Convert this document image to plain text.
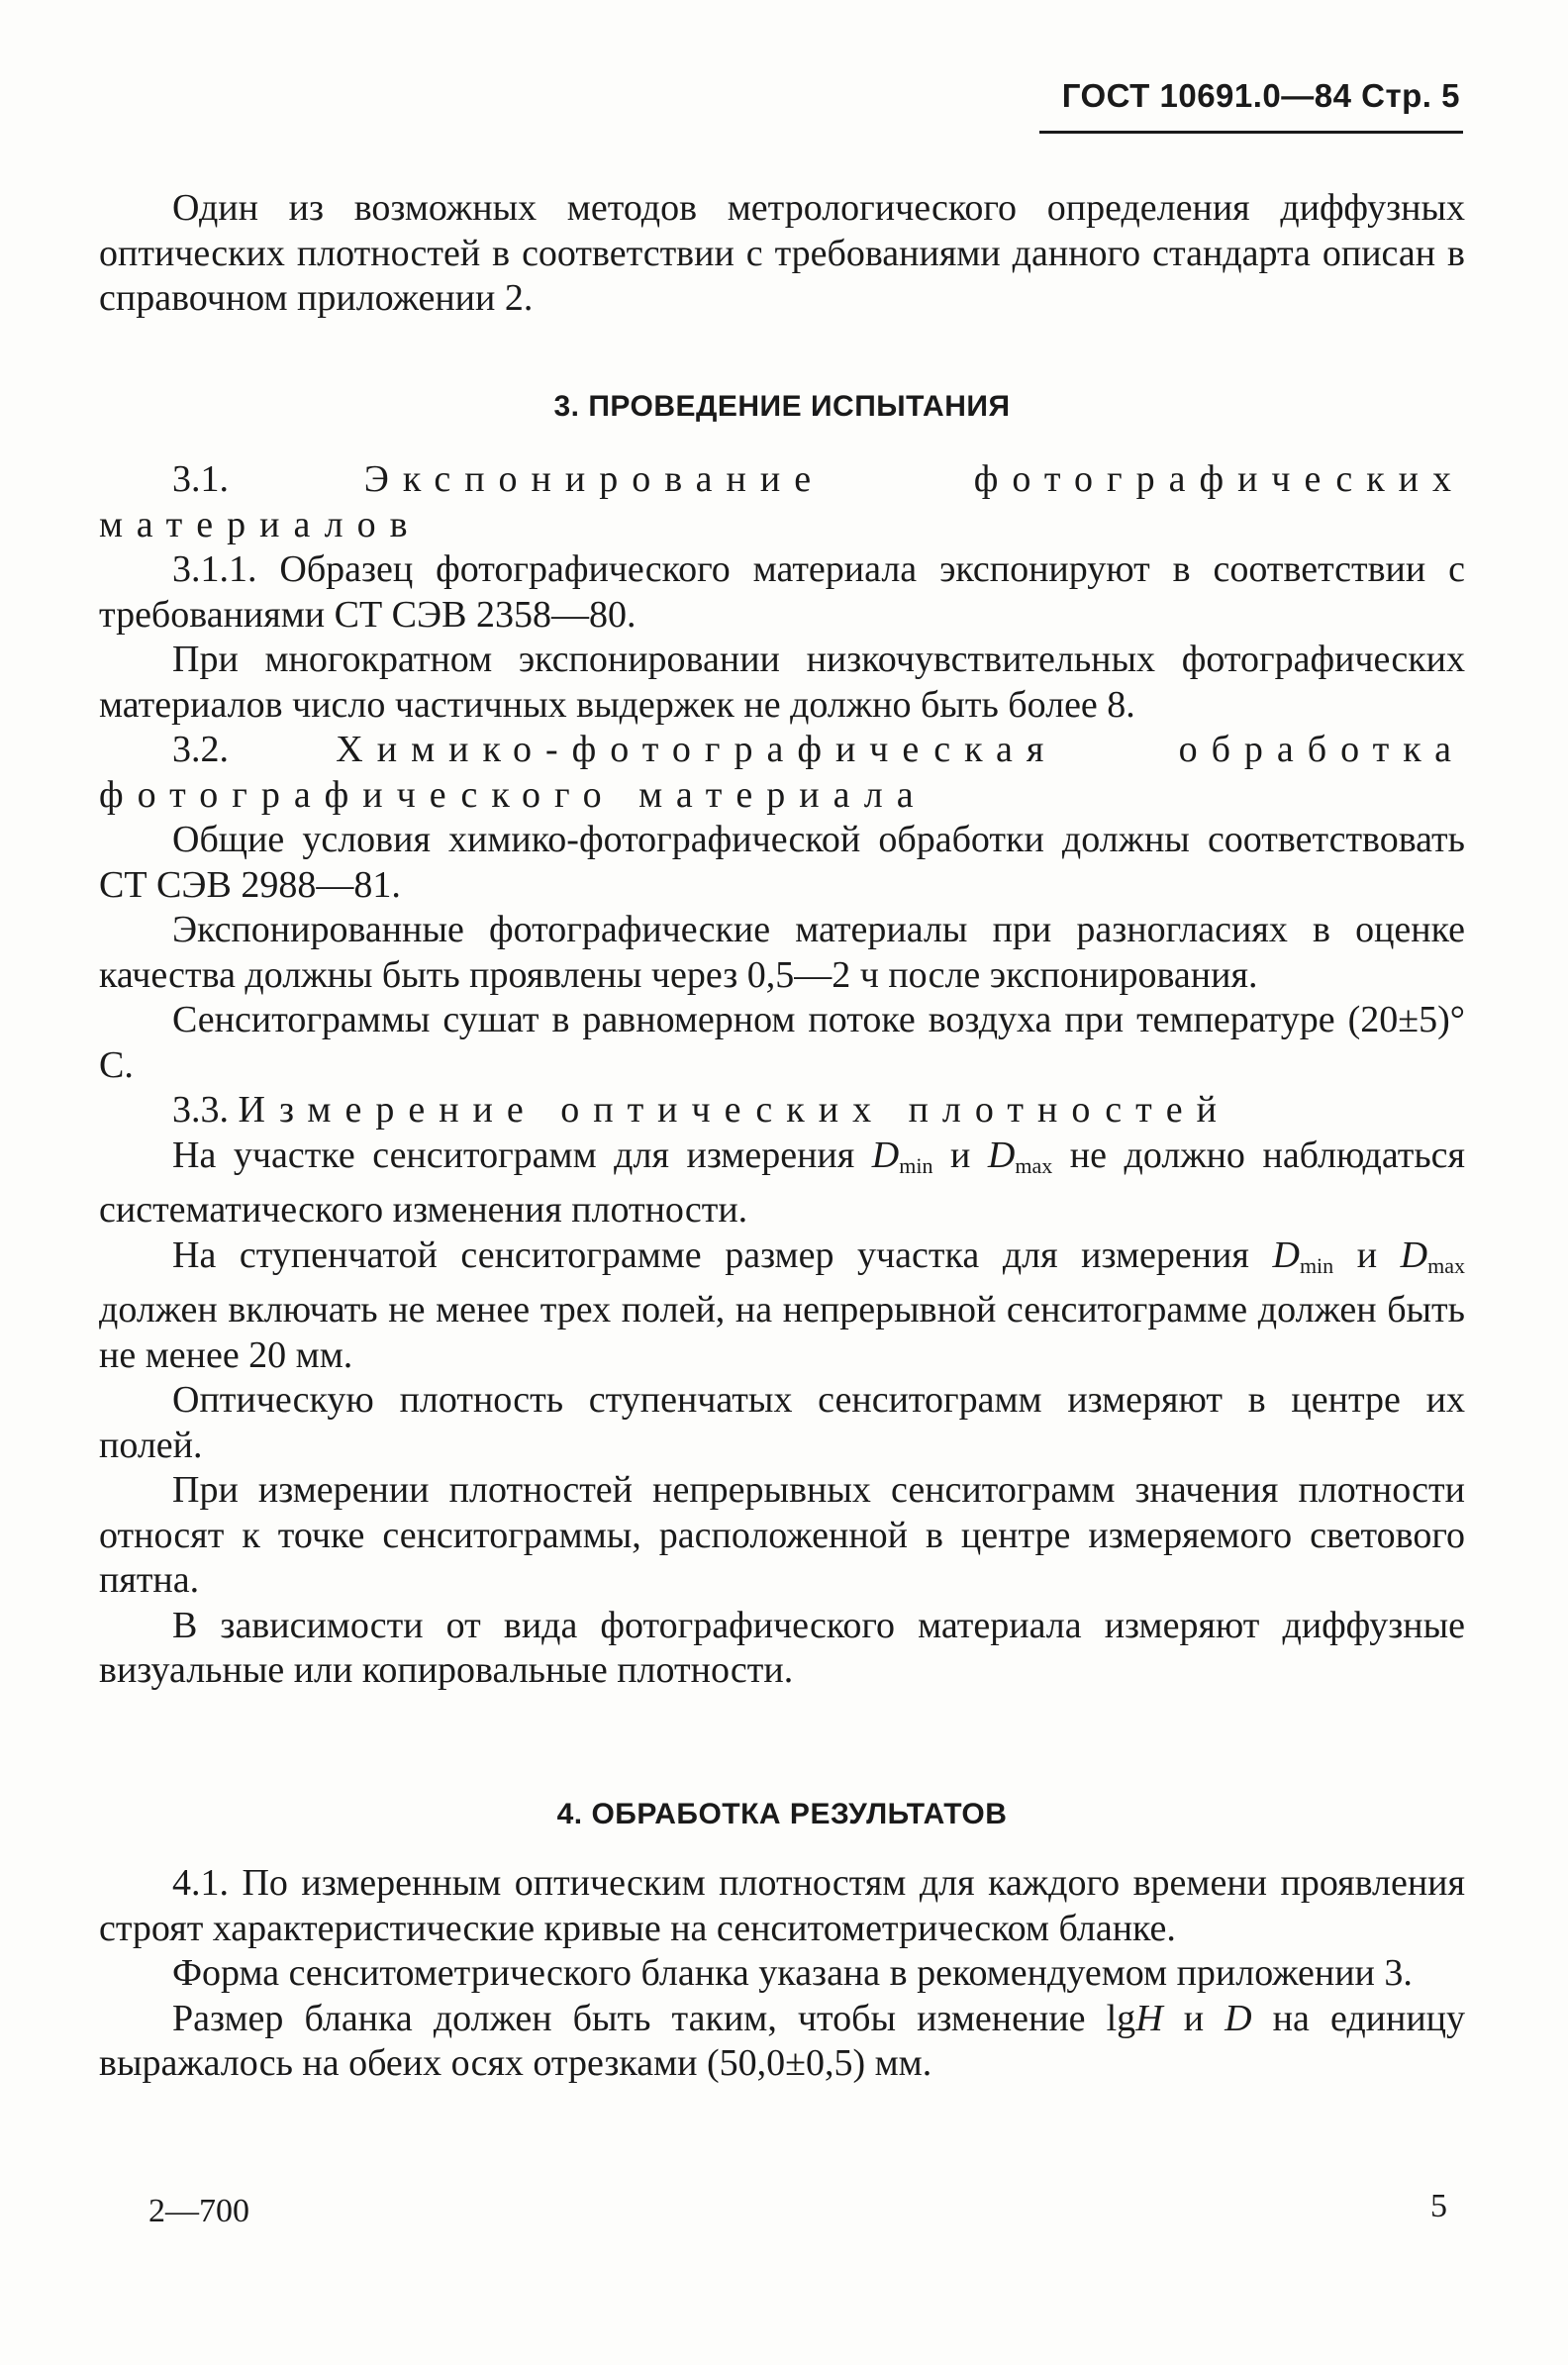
ГОСТ 10691.0—84 Стр. 5

Один из возможных методов метрологического определения диффузных оптических плотностей в соответствии с требованиями данного стандарта описан в справочном приложении 2.

3. ПРОВЕДЕНИЕ ИСПЫТАНИЯ

3.1.	Экспонирование фотографических материалов

3.1.1. Образец фотографического материала экспонируют в соответствии с требованиями СТ СЭВ 2358—80.

При многократном экспонировании низкочувствительных фотографических материалов число частичных выдержек не должно быть более 8.

3.2.	Химико-фотографическая обработка фотографического материала

Общие условия химико-фотографической обработки должны соответствовать СТ СЭВ 2988—81.

Экспонированные фотографические материалы при разногласиях в оценке качества должны быть проявлены через 0,5—2 ч после экспонирования.

Сенситограммы сушат в равномерном потоке воздуха при температуре (20±5)° С.

3.3. Измерение оптических плотностей

На участке сенситограмм для измерения $D_{min}$ и $D_{max}$ не должно наблюдаться систематического изменения плотности.

На ступенчатой сенситограмме размер участка для измерения $D_{min}$ и $D_{max}$ должен включать не менее трех полей, на непрерывной сенситограмме должен быть не менее 20 мм.

Оптическую плотность ступенчатых сенситограмм измеряют в центре их полей.

При измерении плотностей непрерывных сенситограмм значения плотности относят к точке сенситограммы, расположенной в центре измеряемого светового пятна.

В зависимости от вида фотографического материала измеряют диффузные визуальные или копировальные плотности.

4. ОБРАБОТКА РЕЗУЛЬТАТОВ

4.1. По измеренным оптическим плотностям для каждого времени проявления строят характеристические кривые на сенситометрическом бланке.

Форма сенситометрического бланка указана в рекомендуемом приложении 3.

Размер бланка должен быть таким, чтобы изменение lgH и D на единицу выражалось на обеих осях отрезками (50,0±0,5) мм.

2—700	5
